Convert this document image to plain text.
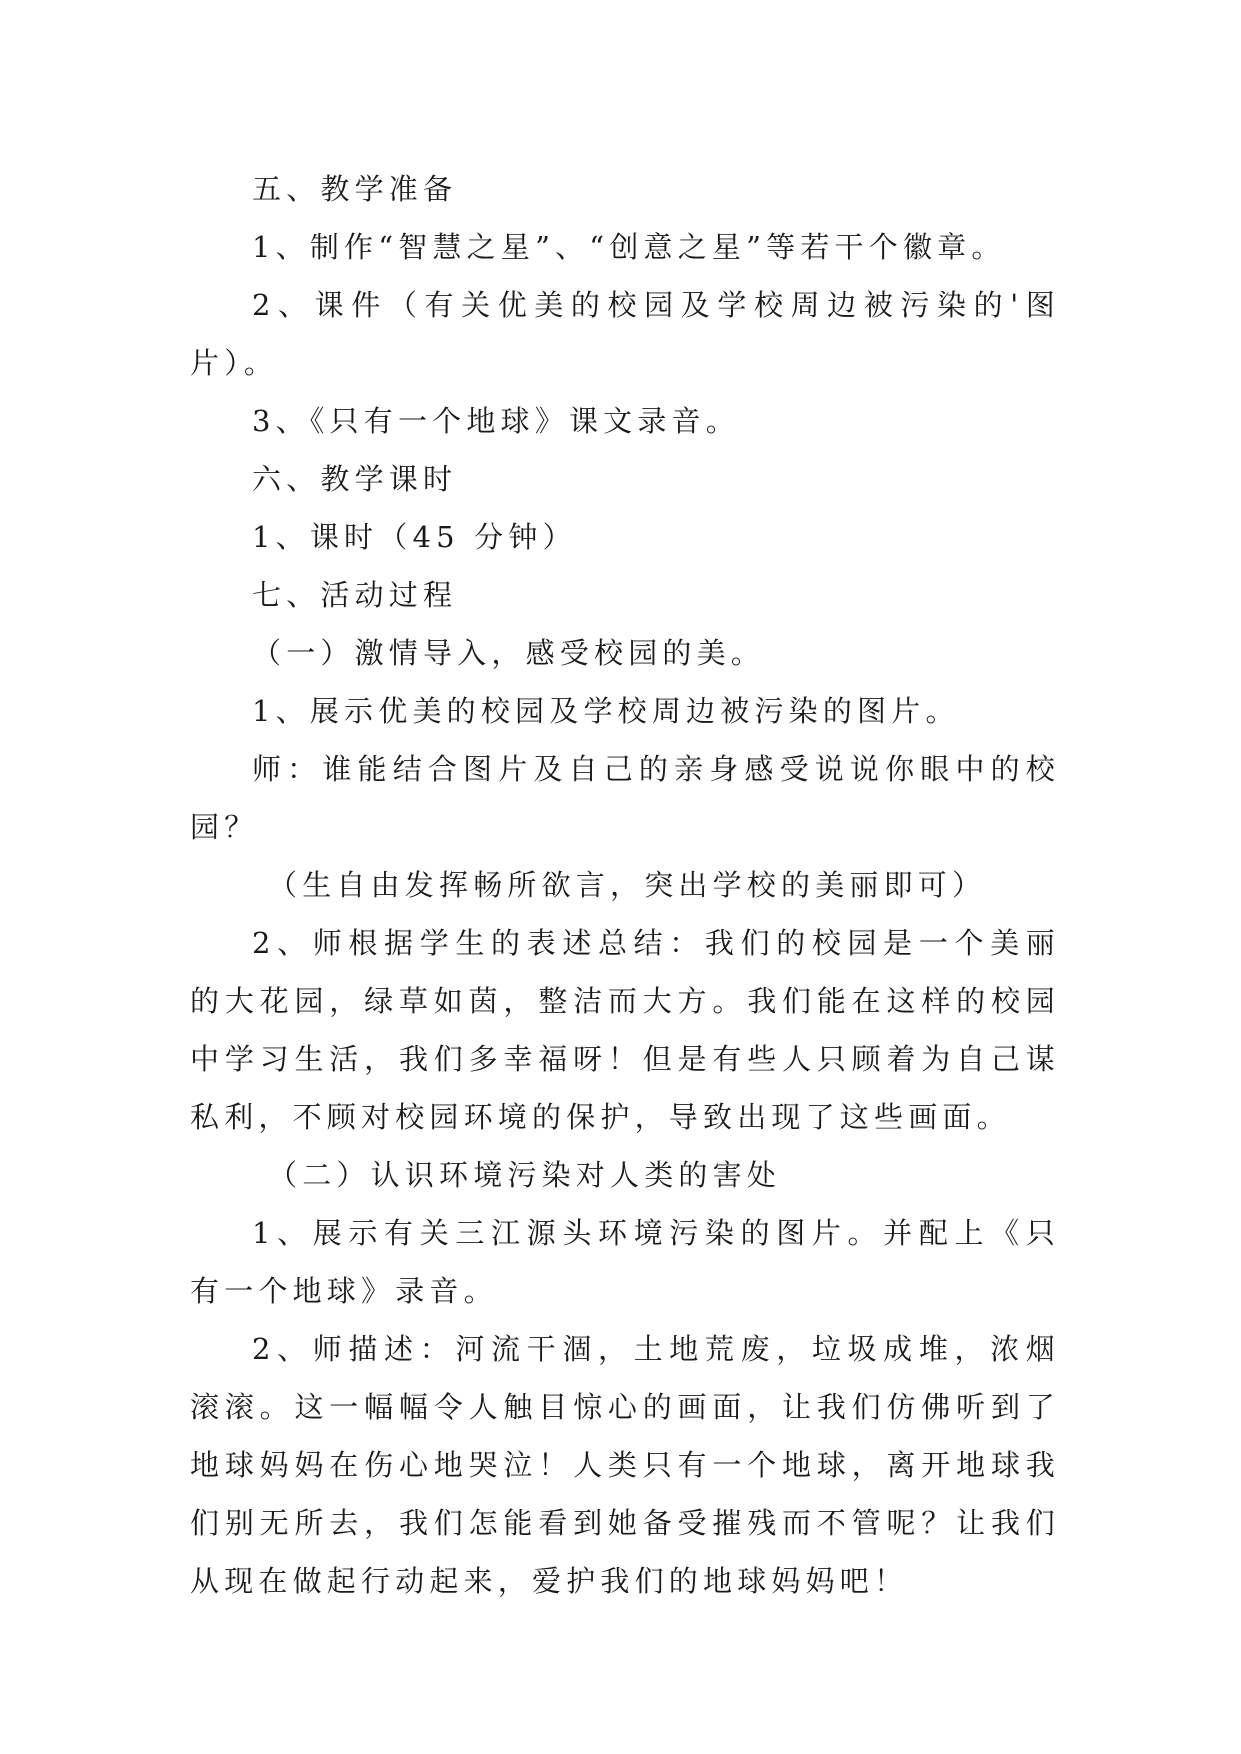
五、教学准备

1、制作“智慧之星”、“创意之星”等若干个徽章。

2、课件（有关优美的校园及学校周边被污染的'图片）。

3、《只有一个地球》课文录音。

六、教学课时

1、课时（45 分钟）

七、活动过程

（一）激情导入，感受校园的美。

1、展示优美的校园及学校周边被污染的图片。

师：谁能结合图片及自己的亲身感受说说你眼中的校园？

（生自由发挥畅所欲言，突出学校的美丽即可）

2、师根据学生的表述总结：我们的校园是一个美丽的大花园，绿草如茵，整洁而大方。我们能在这样的校园中学习生活，我们多幸福呀！但是有些人只顾着为自己谋私利，不顾对校园环境的保护，导致出现了这些画面。

（二）认识环境污染对人类的害处

1、展示有关三江源头环境污染的图片。并配上《只有一个地球》录音。

2、师描述：河流干涸，土地荒废，垃圾成堆，浓烟滚滚。这一幅幅令人触目惊心的画面，让我们仿佛听到了地球妈妈在伤心地哭泣！人类只有一个地球，离开地球我们别无所去，我们怎能看到她备受摧残而不管呢？让我们从现在做起行动起来，爱护我们的地球妈妈吧！
